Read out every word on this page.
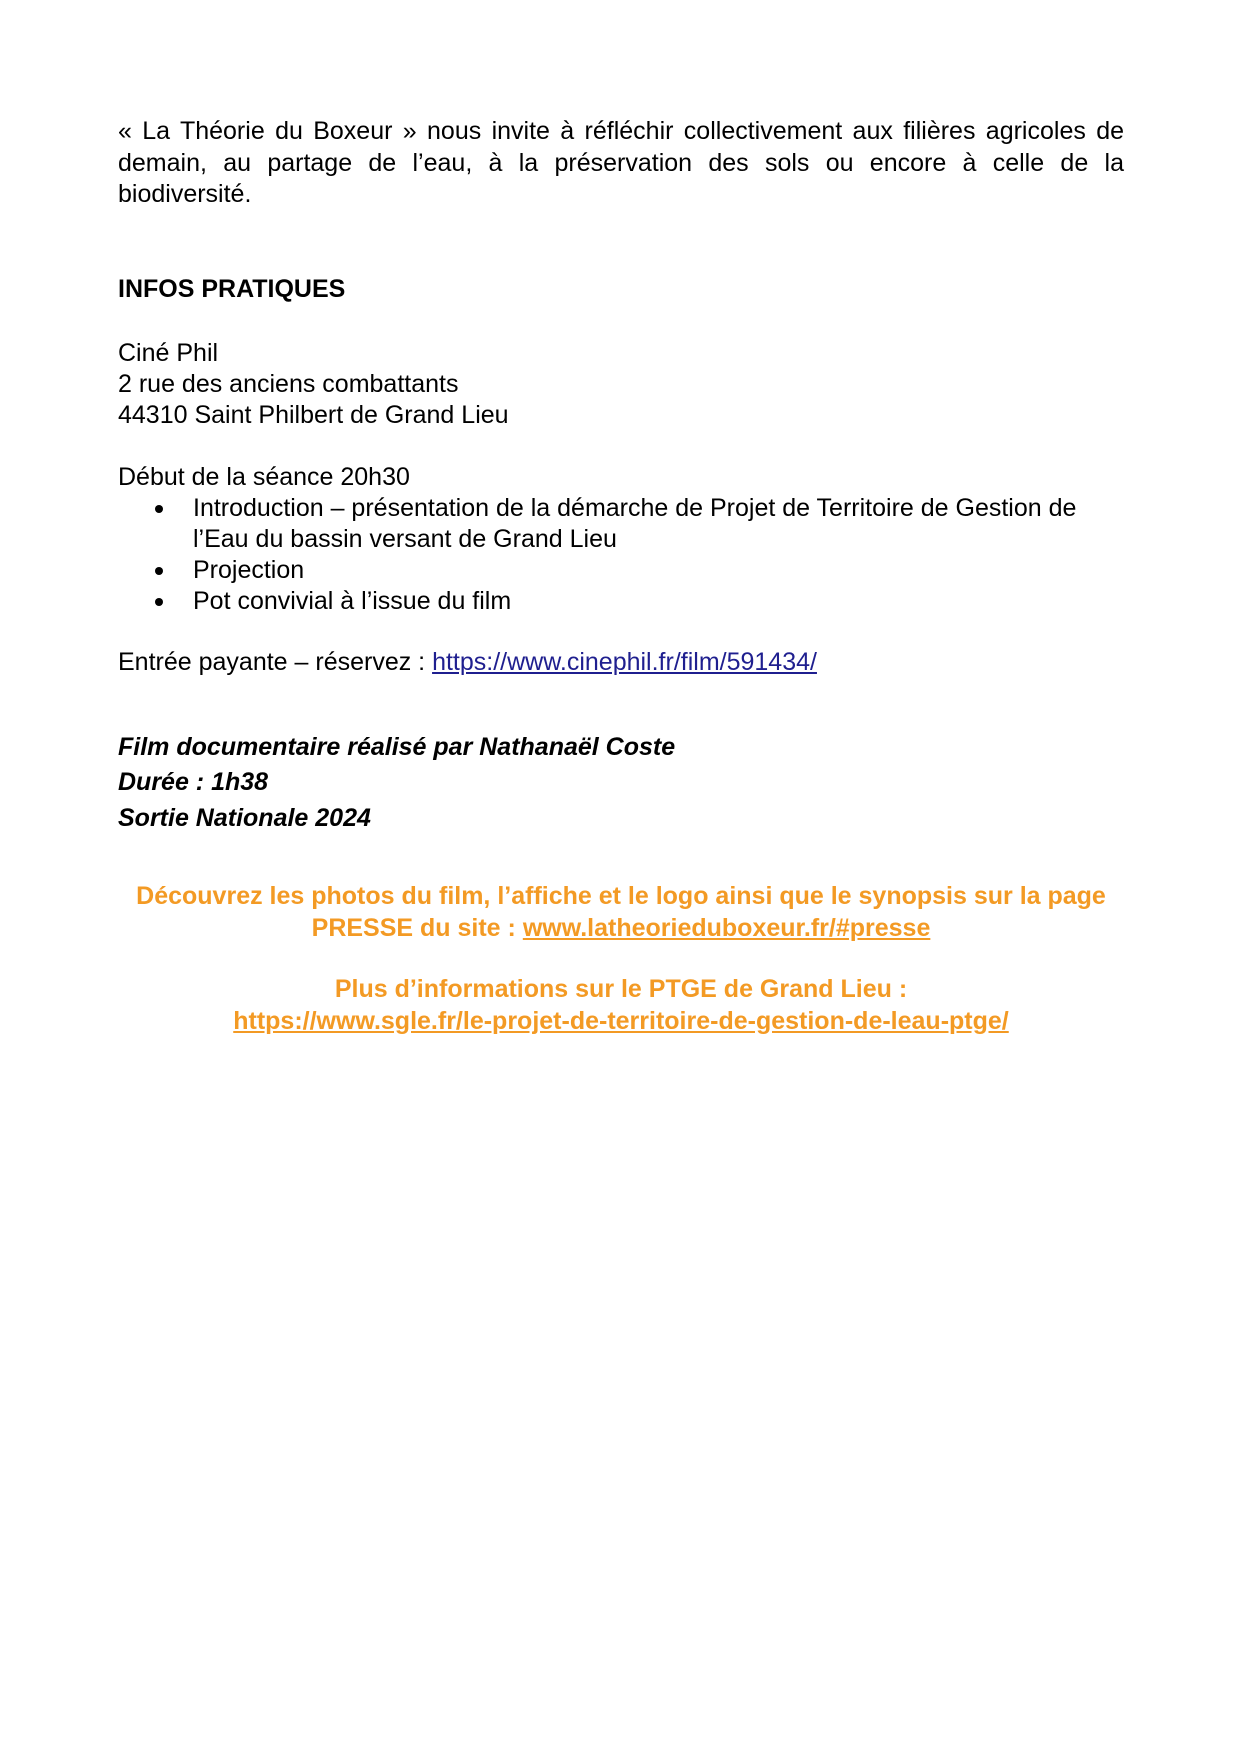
« La Théorie du Boxeur » nous invite à réfléchir collectivement aux filières agricoles de demain, au partage de l’eau, à la préservation des sols ou encore à celle de la biodiversité.

INFOS PRATIQUES

Ciné Phil
2 rue des anciens combattants
44310 Saint Philbert de Grand Lieu
Début de la séance 20h30
Introduction – présentation de la démarche de Projet de Territoire de Gestion de l’Eau du bassin versant de Grand Lieu
Projection
Pot convivial à l’issue du film

Entrée payante – réservez : https://www.cinephil.fr/film/591434/

Film documentaire réalisé par Nathanaël Coste
Durée : 1h38
Sortie Nationale 2024

Découvrez les photos du film, l’affiche et le logo ainsi que le synopsis sur la page PRESSE du site : www.latheorieduboxeur.fr/#presse

Plus d’informations sur le PTGE de Grand Lieu :
https://www.sgle.fr/le-projet-de-territoire-de-gestion-de-leau-ptge/
